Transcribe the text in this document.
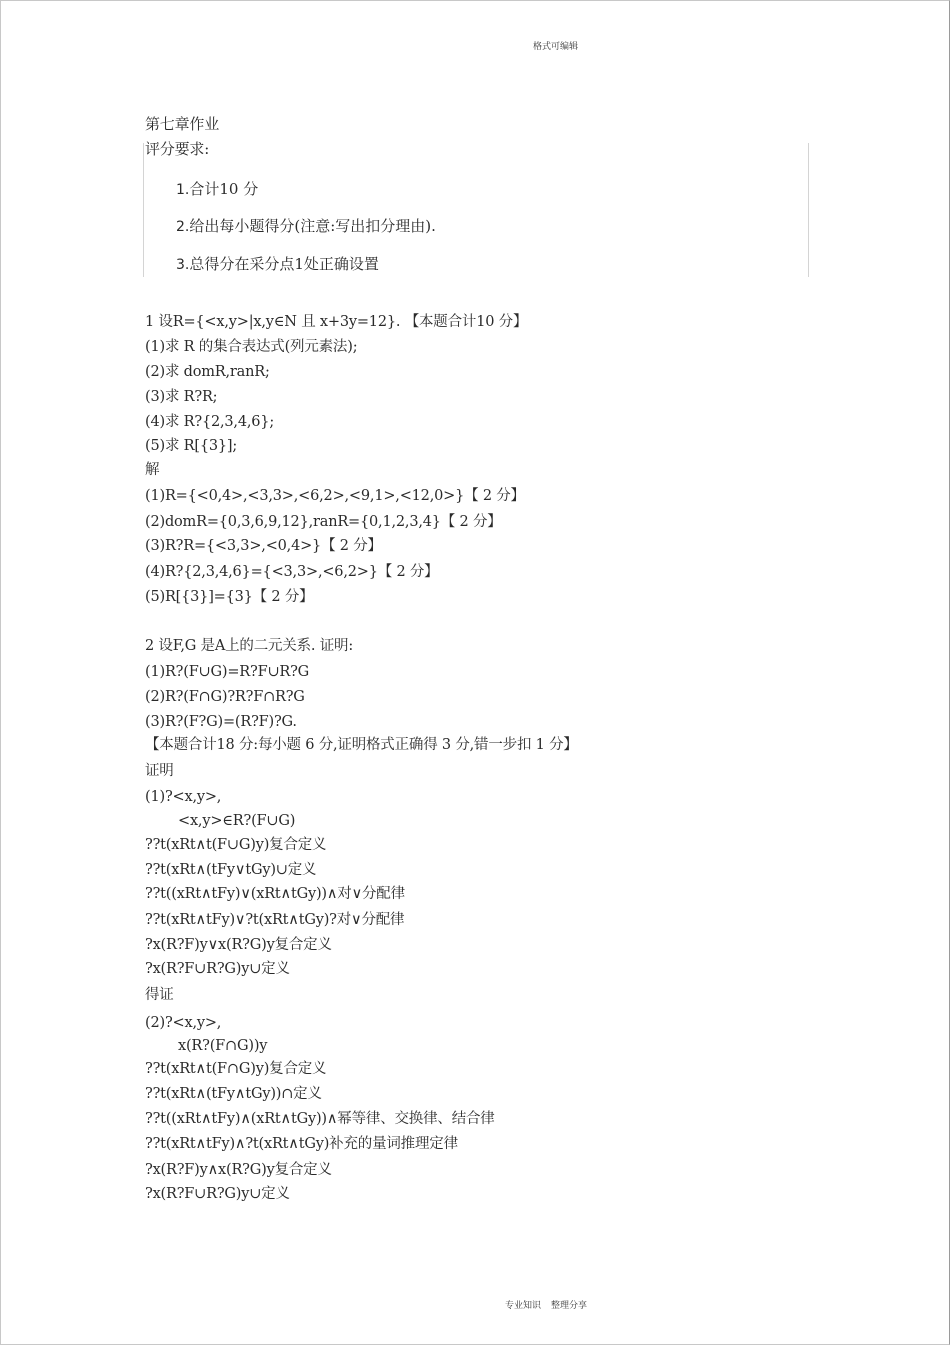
格式可编辑
第七章作业
评分要求:
1.合计10 分
2.给出每小题得分(注意:写出扣分理由).
3.总得分在采分点1处正确设置
1 设R={<x,y>|x,y∈N 且 x+3y=12}. 【本题合计10 分】
(1)求 R 的集合表达式(列元素法);
(2)求 domR,ranR;
(3)求 R?R;
(4)求 R?{2,3,4,6};
(5)求 R[{3}];
解
(1)R={<0,4>,<3,3>,<6,2>,<9,1>,<12,0>}【 2 分】
(2)domR={0,3,6,9,12},ranR={0,1,2,3,4}【 2 分】
(3)R?R={<3,3>,<0,4>}【 2 分】
(4)R?{2,3,4,6}={<3,3>,<6,2>}【 2 分】
(5)R[{3}]={3}【 2 分】
2 设F,G 是A上的二元关系. 证明:
(1)R?(F∪G)=R?F∪R?G
(2)R?(F∩G)?R?F∩R?G
(3)R?(F?G)=(R?F)?G.
【本题合计18 分:每小题 6 分,证明格式正确得 3 分,错一步扣 1 分】
证明
(1)?<x,y>,
<x,y>∈R?(F∪G)
??t(xRt∧t(F∪G)y)复合定义
??t(xRt∧(tFy∨tGy)∪定义
??t((xRt∧tFy)∨(xRt∧tGy))∧对∨分配律
??t(xRt∧tFy)∨?t(xRt∧tGy)?对∨分配律
?x(R?F)y∨x(R?G)y复合定义
?x(R?F∪R?G)y∪定义
得证
(2)?<x,y>,
x(R?(F∩G))y
??t(xRt∧t(F∩G)y)复合定义
??t(xRt∧(tFy∧tGy))∩定义
??t((xRt∧tFy)∧(xRt∧tGy))∧幂等律、交换律、结合律
??t(xRt∧tFy)∧?t(xRt∧tGy)补充的量词推理定律
?x(R?F)y∧x(R?G)y复合定义
?x(R?F∪R?G)y∪定义
专业知识 整理分享
